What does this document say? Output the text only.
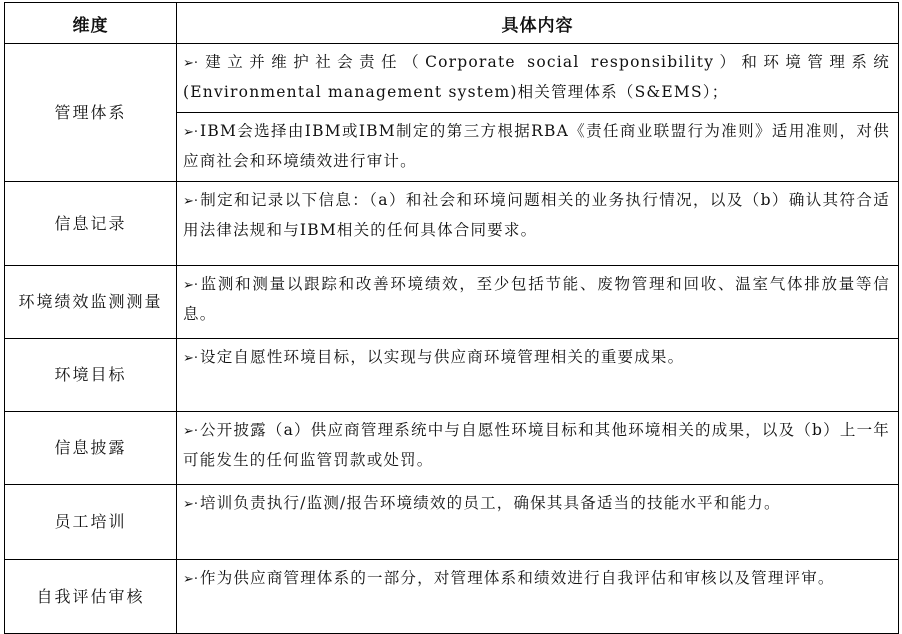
维度	具体内容
管理体系	➢· 建立并维护社会责任（Corporate social responsibility）和环境管理系统(Environmental management system)相关管理体系（S&EMS）；
➢· IBM会选择由IBM或IBM制定的第三方根据RBA《责任商业联盟行为准则》适用准则，对供应商社会和环境绩效进行审计。

信息记录	➢· 制定和记录以下信息：（a）和社会和环境问题相关的业务执行情况，以及（b）确认其符合适用法律法规和与IBM相关的任何具体合同要求。

环境绩效监测测量	➢· 监测和测量以跟踪和改善环境绩效，至少包括节能、废物管理和回收、温室气体排放量等信息。

环境目标	➢· 设定自愿性环境目标，以实现与供应商环境管理相关的重要成果。

信息披露	➢· 公开披露（a）供应商管理系统中与自愿性环境目标和其他环境相关的成果，以及（b）上一年可能发生的任何监管罚款或处罚。

员工培训	➢· 培训负责执行/监测/报告环境绩效的员工，确保其具备适当的技能水平和能力。

自我评估审核	➢· 作为供应商管理体系的一部分，对管理体系和绩效进行自我评估和审核以及管理评审。
